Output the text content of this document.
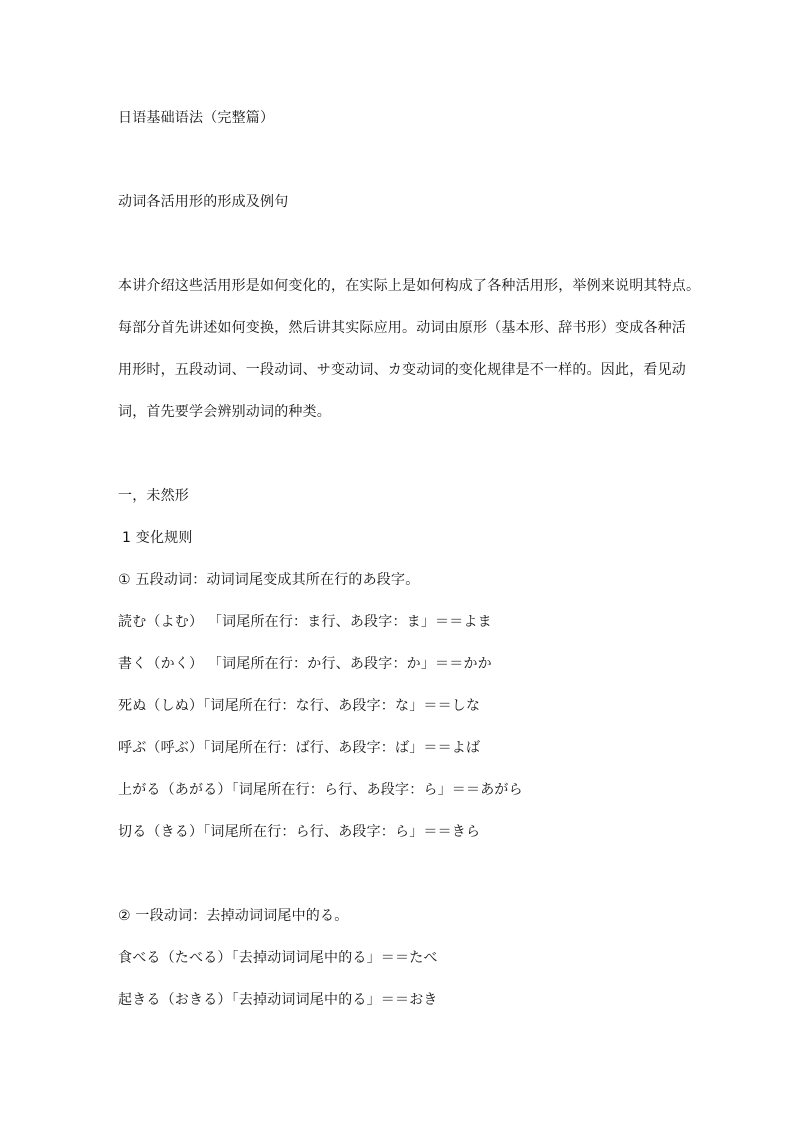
日语基础语法（完整篇）
动词各活用形的形成及例句
本讲介绍这些活用形是如何变化的，在实际上是如何构成了各种活用形，举例来说明其特点。
每部分首先讲述如何变换，然后讲其实际应用。动词由原形（基本形、辞书形）变成各种活
用形时，五段动词、一段动词、サ变动词、カ变动词的变化规律是不一样的。因此，看见动
词，首先要学会辨别动词的种类。
一，未然形
1 变化规则
① 五段动词：动词词尾变成其所在行的あ段字。
読む（よむ） 「词尾所在行：ま行、あ段字：ま」＝＝よま
書く（かく） 「词尾所在行：か行、あ段字：か」＝＝かか
死ぬ（しぬ）「词尾所在行：な行、あ段字：な」＝＝しな
呼ぶ（呼ぶ）「词尾所在行：ば行、あ段字：ば」＝＝よば
上がる（あがる）「词尾所在行：ら行、あ段字：ら」＝＝あがら
切る（きる）「词尾所在行：ら行、あ段字：ら」＝＝きら
② 一段动词：去掉动词词尾中的る。
食べる（たべる）「去掉动词词尾中的る」＝＝たべ
起きる（おきる）「去掉动词词尾中的る」＝＝おき
